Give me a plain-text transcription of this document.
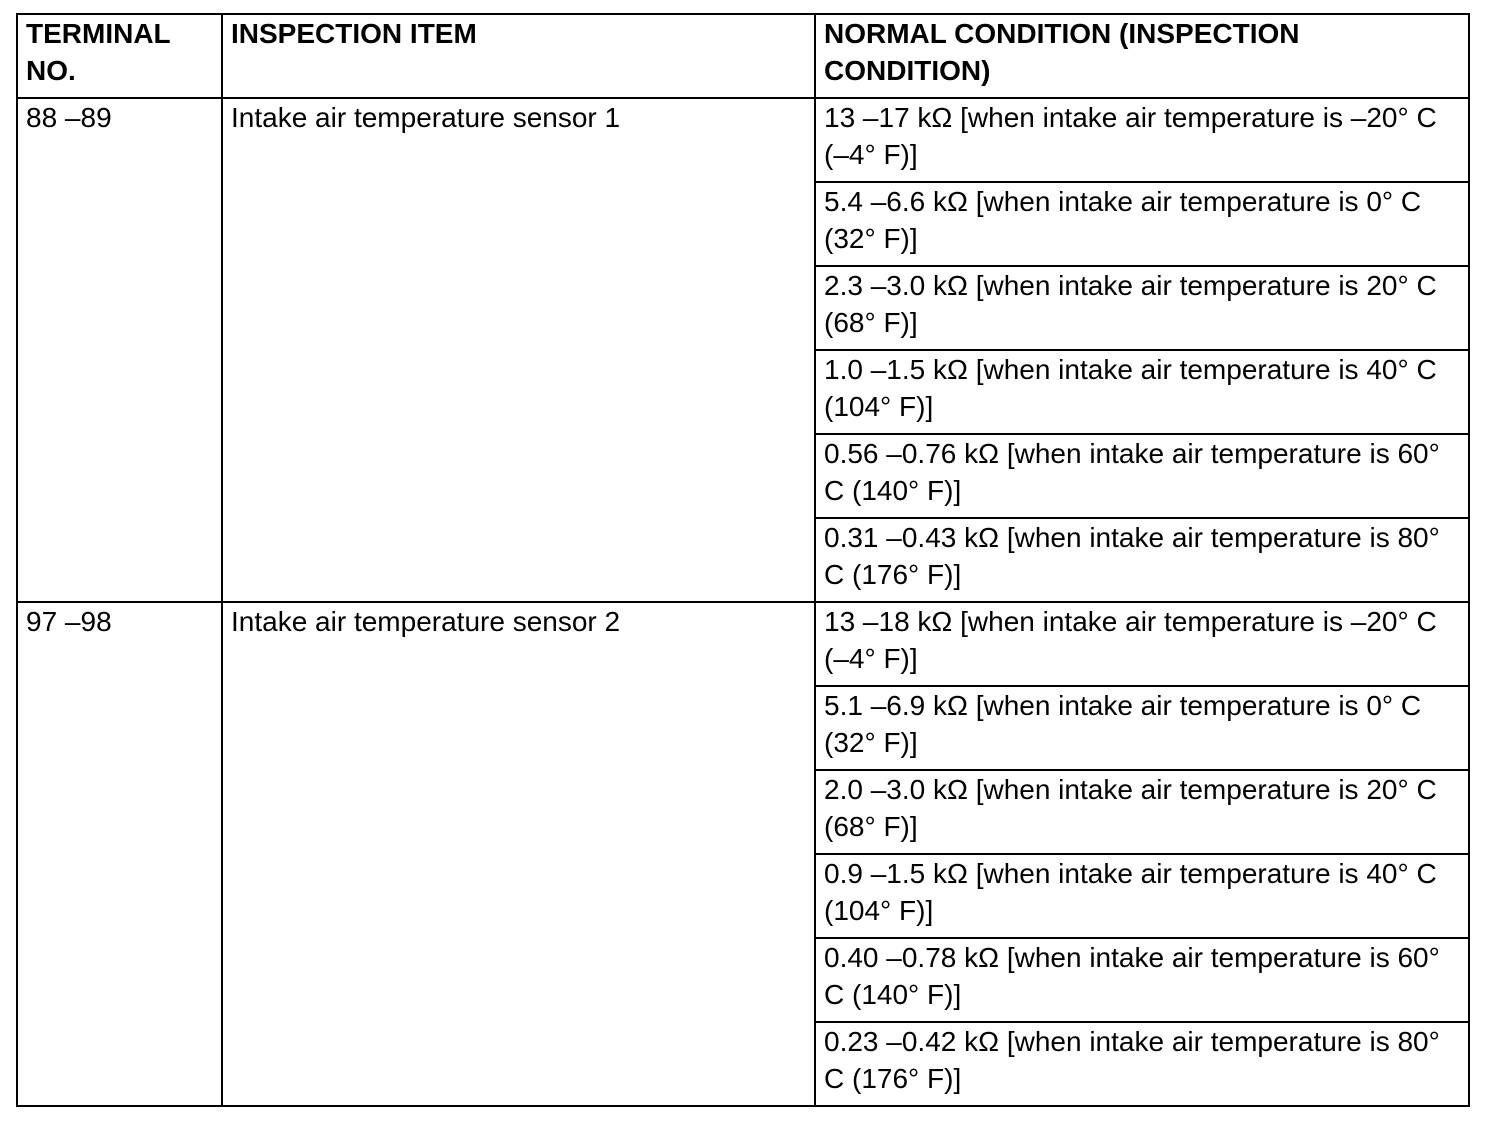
TERMINAL NO.	INSPECTION ITEM	NORMAL CONDITION (INSPECTION CONDITION)
88 –89	Intake air temperature sensor 1	13 –17 kΩ [when intake air temperature is –20° C (–4° F)]
		5.4 –6.6 kΩ [when intake air temperature is 0° C (32° F)]
		2.3 –3.0 kΩ [when intake air temperature is 20° C (68° F)]
		1.0 –1.5 kΩ [when intake air temperature is 40° C (104° F)]
		0.56 –0.76 kΩ [when intake air temperature is 60° C (140° F)]
		0.31 –0.43 kΩ [when intake air temperature is 80° C (176° F)]
97 –98	Intake air temperature sensor 2	13 –18 kΩ [when intake air temperature is –20° C (–4° F)]
		5.1 –6.9 kΩ [when intake air temperature is 0° C (32° F)]
		2.0 –3.0 kΩ [when intake air temperature is 20° C (68° F)]
		0.9 –1.5 kΩ [when intake air temperature is 40° C (104° F)]
		0.40 –0.78 kΩ [when intake air temperature is 60° C (140° F)]
		0.23 –0.42 kΩ [when intake air temperature is 80° C (176° F)]
